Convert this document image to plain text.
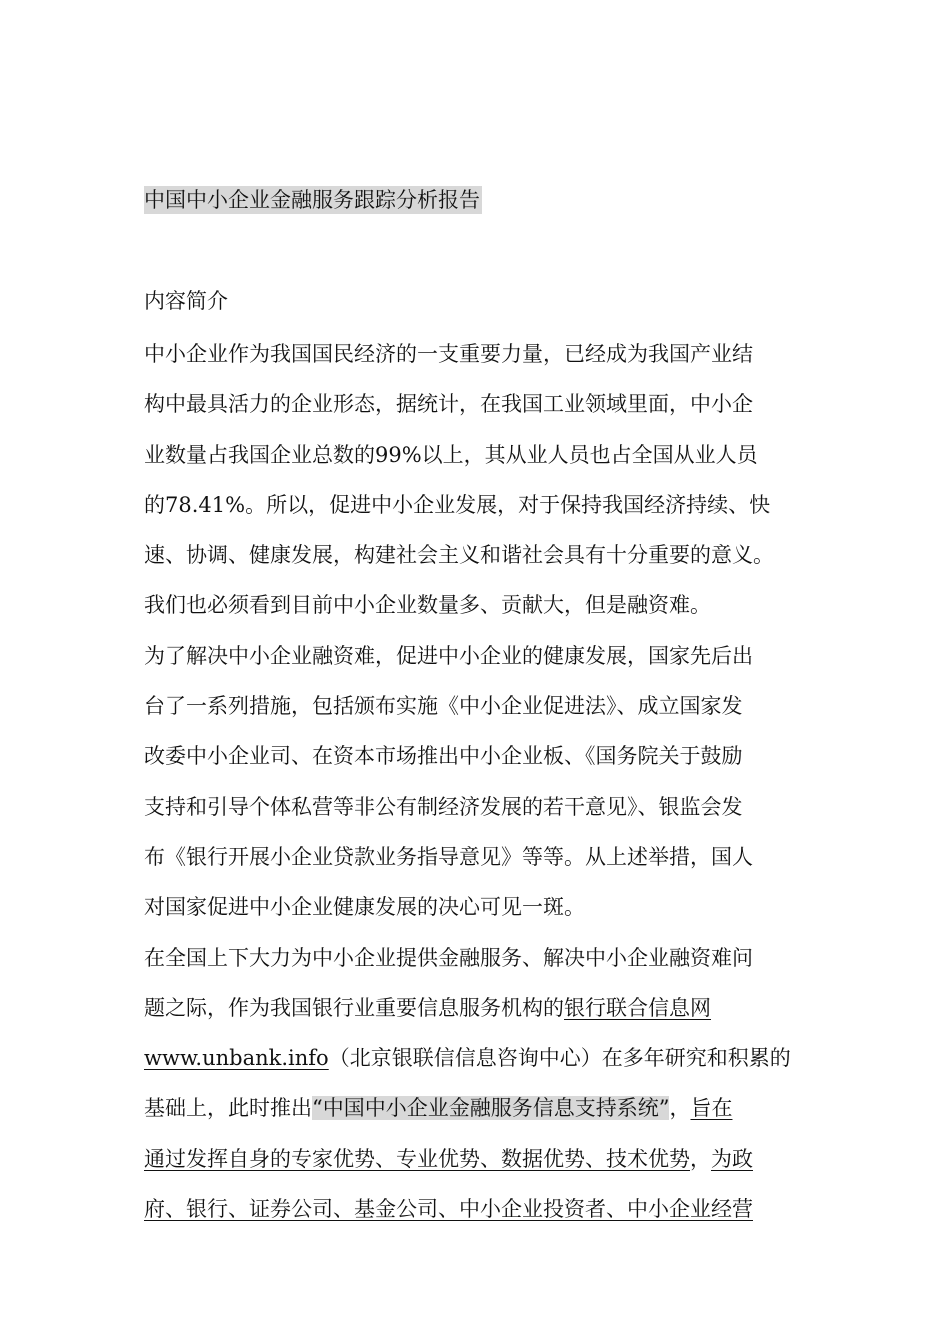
中国中小企业金融服务跟踪分析报告
内容简介
中小企业作为我国国民经济的一支重要力量，已经成为我国产业结
构中最具活力的企业形态，据统计，在我国工业领域里面，中小企
业数量占我国企业总数的99%以上，其从业人员也占全国从业人员
的78.41%。所以，促进中小企业发展，对于保持我国经济持续、快
速、协调、健康发展，构建社会主义和谐社会具有十分重要的意义。
我们也必须看到目前中小企业数量多、贡献大，但是融资难。
为了解决中小企业融资难，促进中小企业的健康发展，国家先后出
台了一系列措施，包括颁布实施《中小企业促进法》、成立国家发
改委中小企业司、在资本市场推出中小企业板、《国务院关于鼓励
支持和引导个体私营等非公有制经济发展的若干意见》、银监会发
布《银行开展小企业贷款业务指导意见》等等。从上述举措，国人
对国家促进中小企业健康发展的决心可见一斑。
在全国上下大力为中小企业提供金融服务、解决中小企业融资难问
题之际，作为我国银行业重要信息服务机构的银行联合信息网
www.unbank.info（北京银联信信息咨询中心）在多年研究和积累的
基础上，此时推出“中国中小企业金融服务信息支持系统”，旨在
通过发挥自身的专家优势、专业优势、数据优势、技术优势，为政
府、银行、证券公司、基金公司、中小企业投资者、中小企业经营
